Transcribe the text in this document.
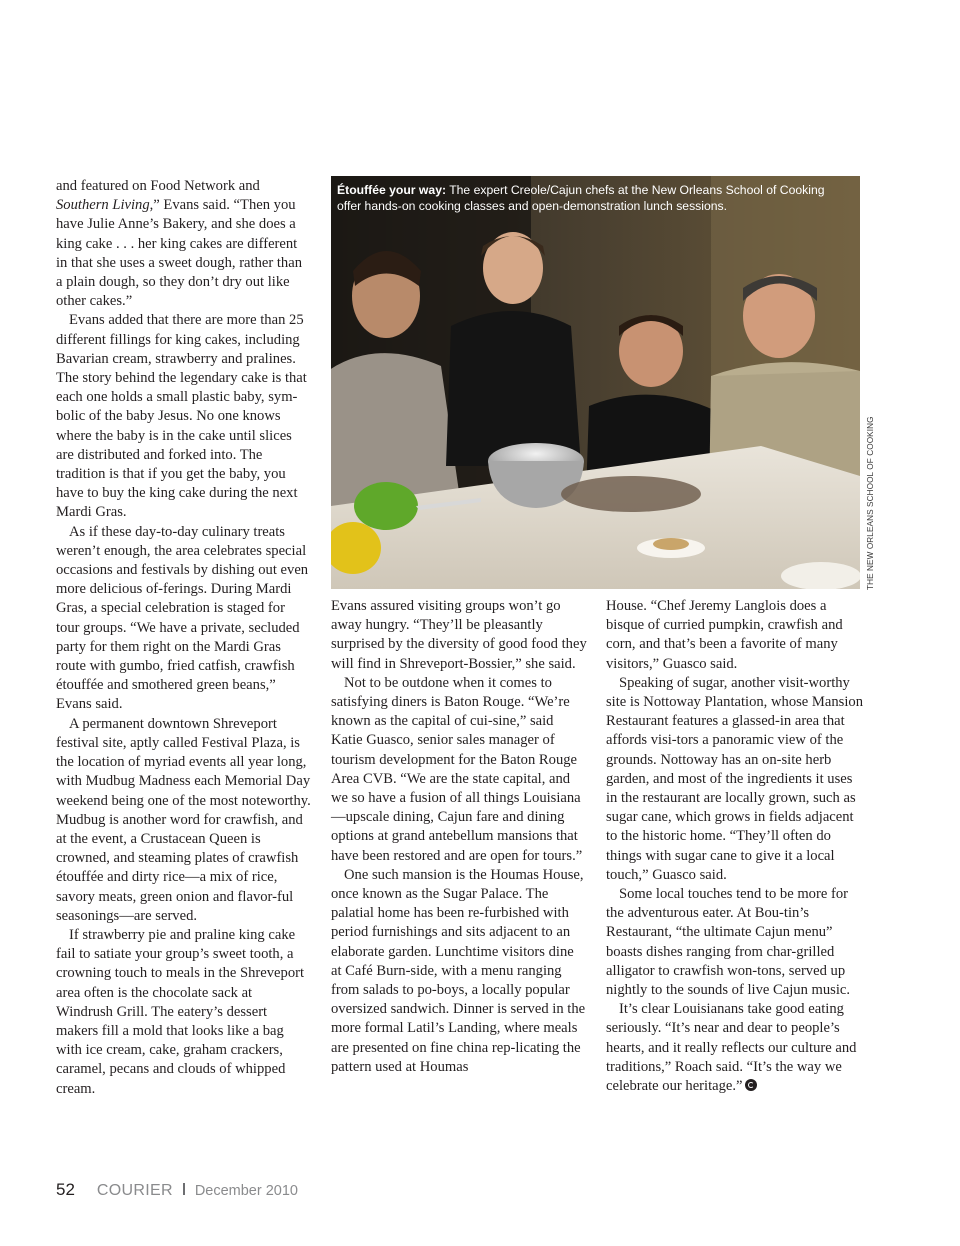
and featured on Food Network and Southern Living,” Evans said. “Then you have Julie Anne’s Bakery, and she does a king cake . . . her king cakes are different in that she uses a sweet dough, rather than a plain dough, so they don’t dry out like other cakes.”

Evans added that there are more than 25 different fillings for king cakes, including Bavarian cream, strawberry and pralines. The story behind the legendary cake is that each one holds a small plastic baby, sym-bolic of the baby Jesus. No one knows where the baby is in the cake until slices are distributed and forked into. The tradition is that if you get the baby, you have to buy the king cake during the next Mardi Gras.

As if these day-to-day culinary treats weren’t enough, the area celebrates special occasions and festivals by dishing out even more delicious of-ferings. During Mardi Gras, a special celebration is staged for tour groups. “We have a private, secluded party for them right on the Mardi Gras route with gumbo, fried catfish, crawfish étouffée and smothered green beans,” Evans said.

A permanent downtown Shreveport festival site, aptly called Festival Plaza, is the location of myriad events all year long, with Mudbug Madness each Memorial Day weekend being one of the most noteworthy. Mudbug is another word for crawfish, and at the event, a Crustacean Queen is crowned, and steaming plates of crawfish étouffée and dirty rice—a mix of rice, savory meats, green onion and flavor-ful seasonings—are served.

If strawberry pie and praline king cake fail to satiate your group’s sweet tooth, a crowning touch to meals in the Shreveport area often is the chocolate sack at Windrush Grill. The eatery’s dessert makers fill a mold that looks like a bag with ice cream, cake, graham crackers, caramel, pecans and clouds of whipped cream.

Étouffée your way: The expert Creole/Cajun chefs at the New Orleans School of Cooking offer hands-on cooking classes and open-demonstration lunch sessions.
THE NEW ORLEANS SCHOOL OF COOKING

Evans assured visiting groups won’t go away hungry. “They’ll be pleasantly surprised by the diversity of good food they will find in Shreveport-Bossier,” she said.

Not to be outdone when it comes to satisfying diners is Baton Rouge. “We’re known as the capital of cui-sine,” said Katie Guasco, senior sales manager of tourism development for the Baton Rouge Area CVB. “We are the state capital, and we so have a fusion of all things Louisiana—upscale dining, Cajun fare and dining options at grand antebellum mansions that have been restored and are open for tours.”

One such mansion is the Houmas House, once known as the Sugar Palace. The palatial home has been re-furbished with period furnishings and sits adjacent to an elaborate garden. Lunchtime visitors dine at Café Burn-side, with a menu ranging from salads to po-boys, a locally popular oversized sandwich. Dinner is served in the more formal Latil’s Landing, where meals are presented on fine china rep-licating the pattern used at Houmas

House. “Chef Jeremy Langlois does a bisque of curried pumpkin, crawfish and corn, and that’s been a favorite of many visitors,” Guasco said.

Speaking of sugar, another visit-worthy site is Nottoway Plantation, whose Mansion Restaurant features a glassed-in area that affords visi-tors a panoramic view of the grounds. Nottoway has an on-site herb garden, and most of the ingredients it uses in the restaurant are locally grown, such as sugar cane, which grows in fields adjacent to the historic home. “They’ll often do things with sugar cane to give it a local touch,” Guasco said.

Some local touches tend to be more for the adventurous eater. At Bou-tin’s Restaurant, “the ultimate Cajun menu” boasts dishes ranging from char-grilled alligator to crawfish won-tons, served up nightly to the sounds of live Cajun music.

It’s clear Louisianans take good eating seriously. “It’s near and dear to people’s hearts, and it really reflects our culture and traditions,” Roach said. “It’s the way we celebrate our heritage.”

52 COURIER December 2010
